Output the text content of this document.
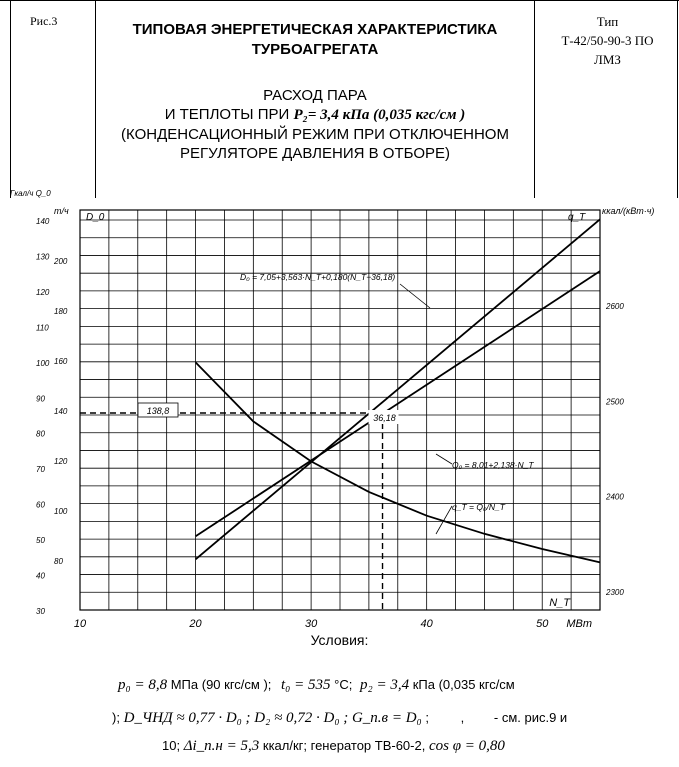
Рис.3	ТИПОВАЯ ЭНЕРГЕТИЧЕСКАЯ ХАРАКТЕРИСТИКА
ТУРБОАГРЕГАТА
РАСХОД ПАРА
И ТЕПЛОТЫ ПРИ P₂= 3,4 кПа (0,035 кгс/см )
(КОНДЕНСАЦИОННЫЙ РЕЖИМ ПРИ ОТКЛЮЧЕННОМ
РЕГУЛЯТОРЕ ДАВЛЕНИЯ В ОТБОРЕ)
Тип
Т-42/50-90-3 ПО
ЛМЗ
10	20	30	40	50 МВт
N_T
30
40
50
60
70
80
90
100
110
120
130
140
Гкал/ч Q_0
80
100
120
140
160
180
200
т/ч
D_0
2300
2400
2500
2600
ккал/(кВт·ч)
q_T
D₀ = 7,05+3,563·N_T+0,180(N_T−36,18)
Q₀ = 8,01+2,138·N_T
q_T = Q₀/N_T
138,8
36,18
Условия:
p₀ = 8,8 МПа (90 кгс/см ); t₀ = 535 °С; p₂ = 3,4 кПа (0,035 кгс/см
); D_ЧНД ≈ 0,77 · D₀ ; D₂ ≈ 0,72 · D₀ ; G_п.в = D₀ ; , - см. рис.9 и
10; Δi_п.н = 5,3 ккал/кг; генератор ТВ-60-2, cos φ = 0,80
